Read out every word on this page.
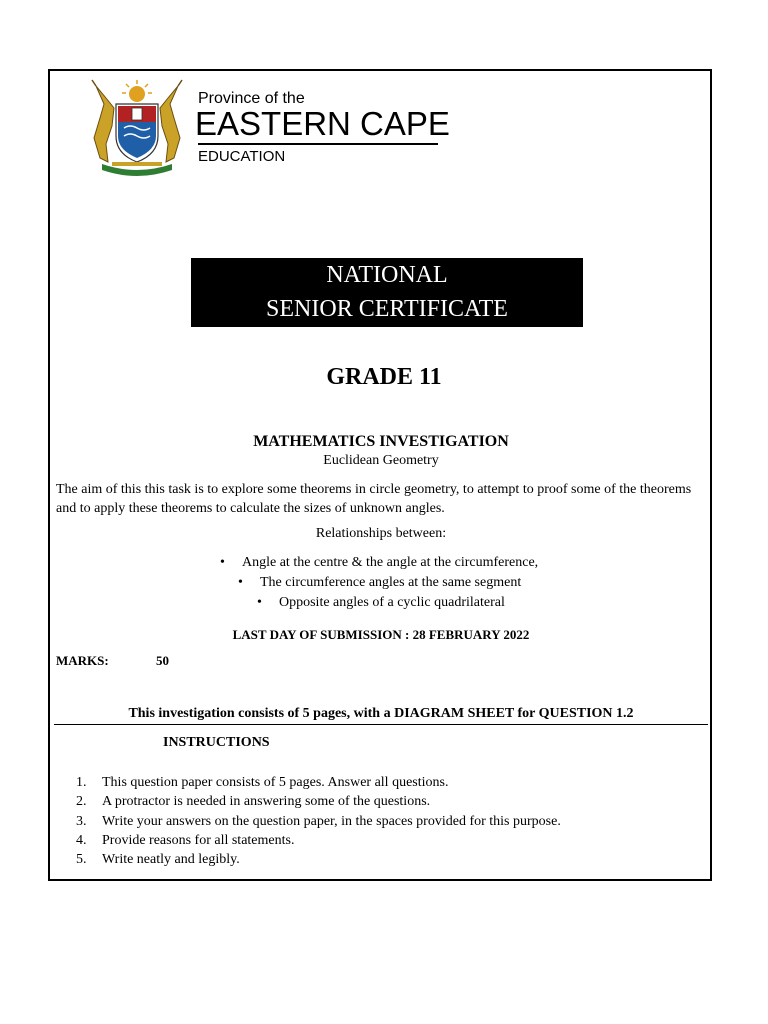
Province of the
EASTERN CAPE
EDUCATION
NATIONAL
SENIOR CERTIFICATE
GRADE 11
MATHEMATICS INVESTIGATION
Euclidean Geometry
The aim of this this task is to explore some theorems in circle geometry, to attempt to proof some of the theorems and to apply these theorems to calculate the sizes of unknown angles.
Relationships between:
• Angle at the centre & the angle at the circumference,
• The circumference angles at the same segment
• Opposite angles of a cyclic quadrilateral
LAST DAY OF SUBMISSION : 28 FEBRUARY 2022
MARKS:	50
This investigation consists of 5 pages, with a DIAGRAM SHEET for QUESTION 1.2
INSTRUCTIONS
1. This question paper consists of 5 pages. Answer all questions.
2. A protractor is needed in answering some of the questions.
3. Write your answers on the question paper, in the spaces provided for this purpose.
4. Provide reasons for all statements.
5. Write neatly and legibly.
